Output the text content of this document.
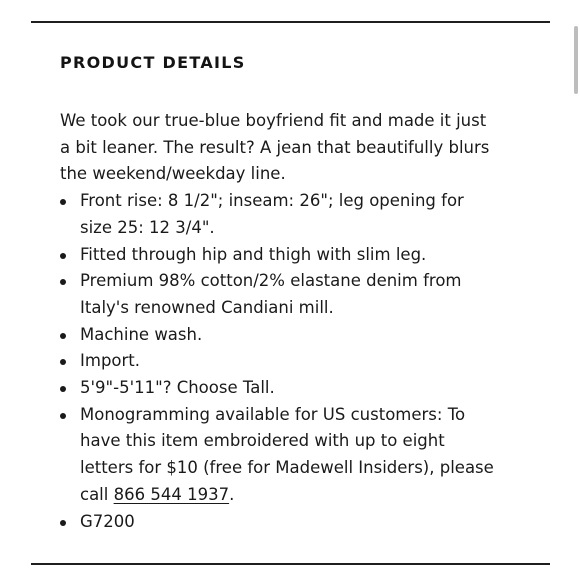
PRODUCT DETAILS

We took our true-blue boyfriend fit and made it just a bit leaner. The result? A jean that beautifully blurs the weekend/weekday line.

Front rise: 8 1/2"; inseam: 26"; leg opening for size 25: 12 3/4".
Fitted through hip and thigh with slim leg.
Premium 98% cotton/2% elastane denim from Italy's renowned Candiani mill.
Machine wash.
Import.
5'9"-5'11"? Choose Tall.
Monogramming available for US customers: To have this item embroidered with up to eight letters for $10 (free for Madewell Insiders), please call 866 544 1937.
G7200
